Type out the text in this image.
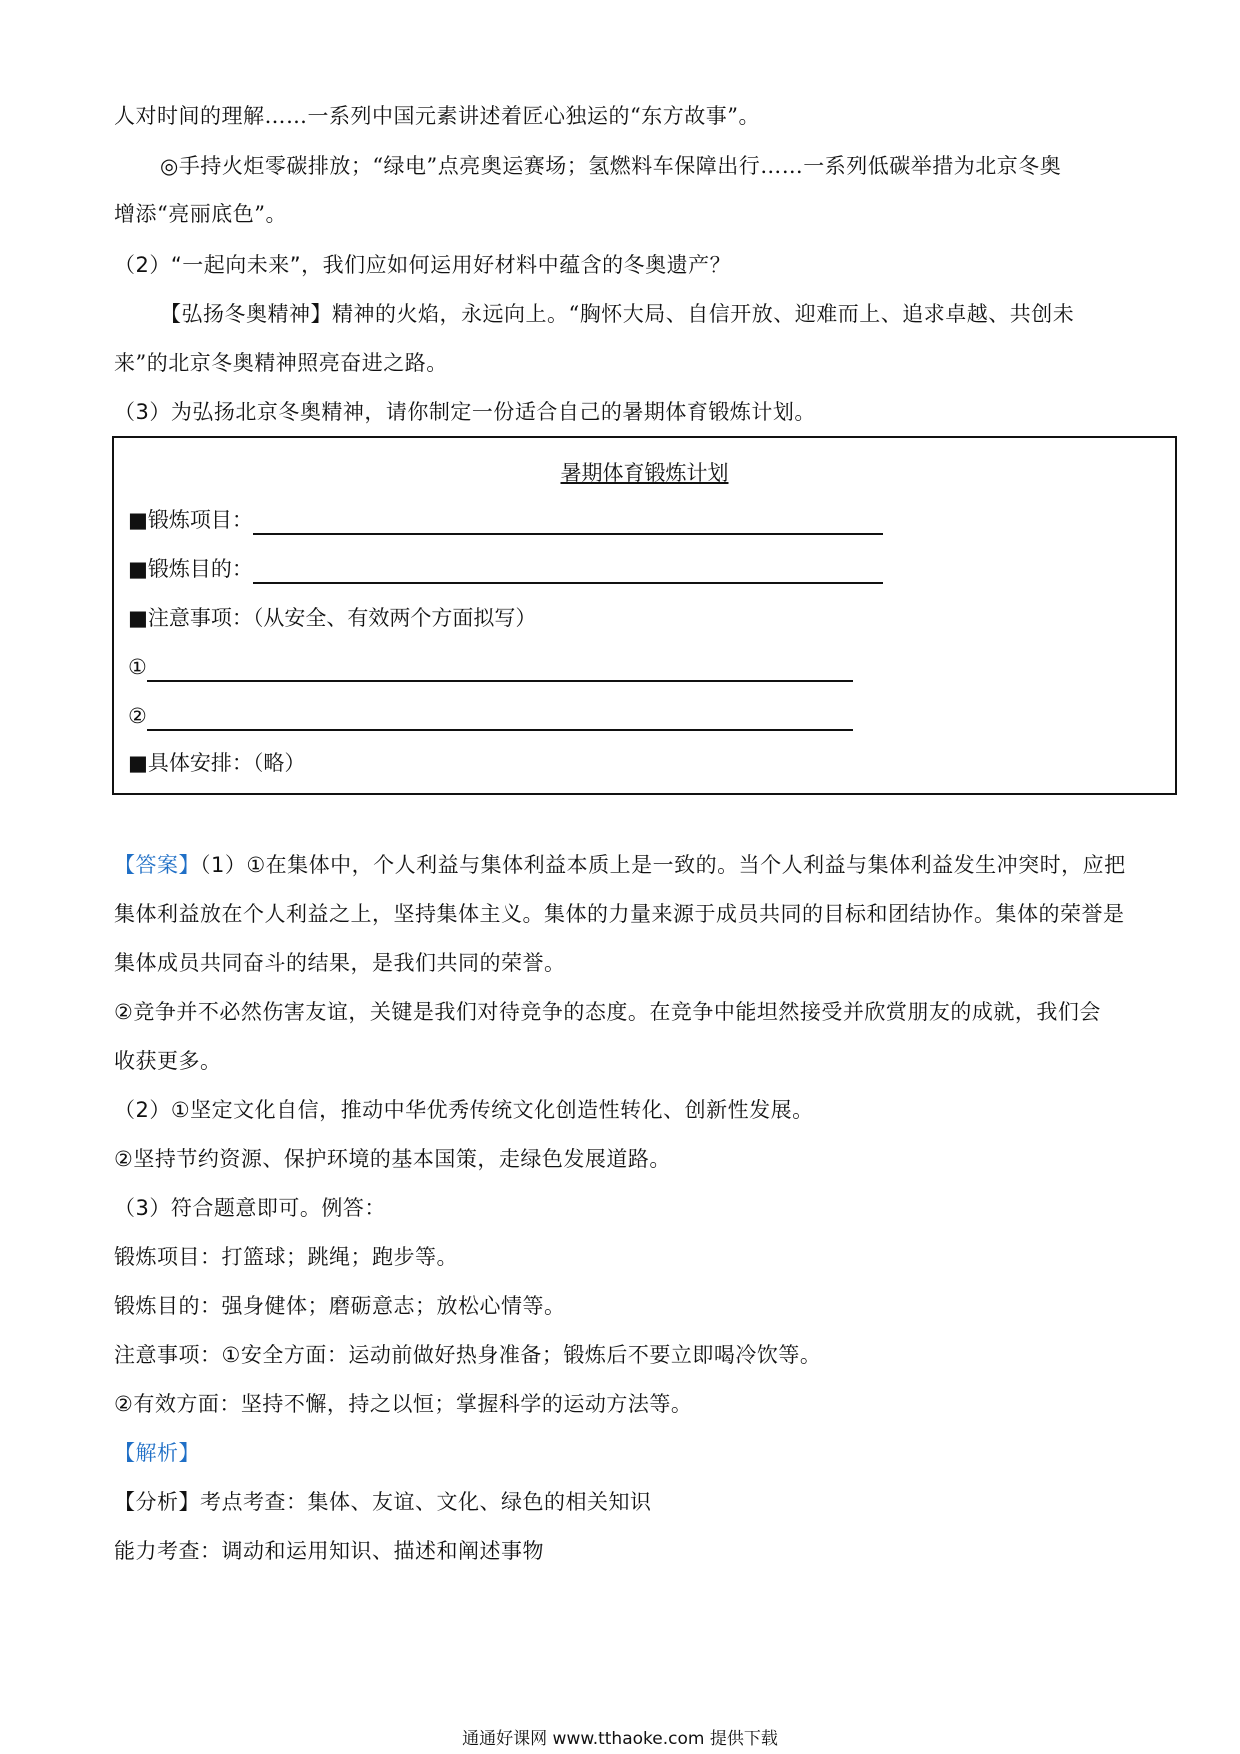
人对时间的理解……一系列中国元素讲述着匠心独运的“东方故事”。
◎手持火炬零碳排放；“绿电”点亮奥运赛场；氢燃料车保障出行……一系列低碳举措为北京冬奥
增添“亮丽底色”。
（2）“一起向未来”，我们应如何运用好材料中蕴含的冬奥遗产？
【弘扬冬奥精神】精神的火焰，永远向上。“胸怀大局、自信开放、迎难而上、追求卓越、共创未
来”的北京冬奥精神照亮奋进之路。
（3）为弘扬北京冬奥精神，请你制定一份适合自己的暑期体育锻炼计划。
暑期体育锻炼计划
■锻炼项目：
■锻炼目的：
■注意事项：（从安全、有效两个方面拟写）
①
②
■具体安排：（略）
【答案】（1）①在集体中，个人利益与集体利益本质上是一致的。当个人利益与集体利益发生冲突时，应把
集体利益放在个人利益之上，坚持集体主义。集体的力量来源于成员共同的目标和团结协作。集体的荣誉是
集体成员共同奋斗的结果，是我们共同的荣誉。
②竞争并不必然伤害友谊，关键是我们对待竞争的态度。在竞争中能坦然接受并欣赏朋友的成就，我们会
收获更多。
（2）①坚定文化自信，推动中华优秀传统文化创造性转化、创新性发展。
②坚持节约资源、保护环境的基本国策，走绿色发展道路。
（3）符合题意即可。例答：
锻炼项目：打篮球；跳绳；跑步等。
锻炼目的：强身健体；磨砺意志；放松心情等。
注意事项：①安全方面：运动前做好热身准备；锻炼后不要立即喝冷饮等。
②有效方面：坚持不懈，持之以恒；掌握科学的运动方法等。
【解析】
【分析】考点考查：集体、友谊、文化、绿色的相关知识
能力考查：调动和运用知识、描述和阐述事物
通通好课网 www.tthaoke.com 提供下载
